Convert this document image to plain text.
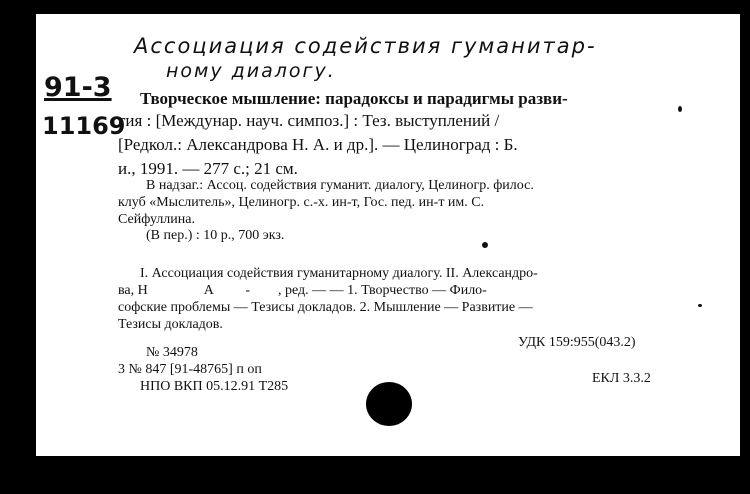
Ассоциация содействия гуманитар-
ному диалогу.
91-3
11169
Творческое мышление: парадоксы и парадигмы разви-
тия : [Междунар. науч. симпоз.] : Тез. выступлений /
[Редкол.: Александрова Н. А. и др.]. — Целиноград : Б.
и., 1991. — 277 с.; 21 см.
В надзаг.: Ассоц. содействия гуманит. диалогу, Целиногр. филос.
клуб «Мыслитель», Целиногр. с.-х. ин-т, Гос. пед. ин-т им. С.
Сейфуллина.
(В пер.) : 10 р., 700 экз.
I. Ассоциация содействия гуманитарному диалогу. II. Александро-
ва, Н                А         -        , ред. — — 1. Творчество — Фило-
софские проблемы — Тезисы докладов. 2. Мышление — Развитие —
Тезисы докладов.
УДК 159:955(043.2)
№ 34978
3 № 847 [91-48765] п оп
НПО ВКП 05.12.91 Т285
ЕКЛ 3.3.2
